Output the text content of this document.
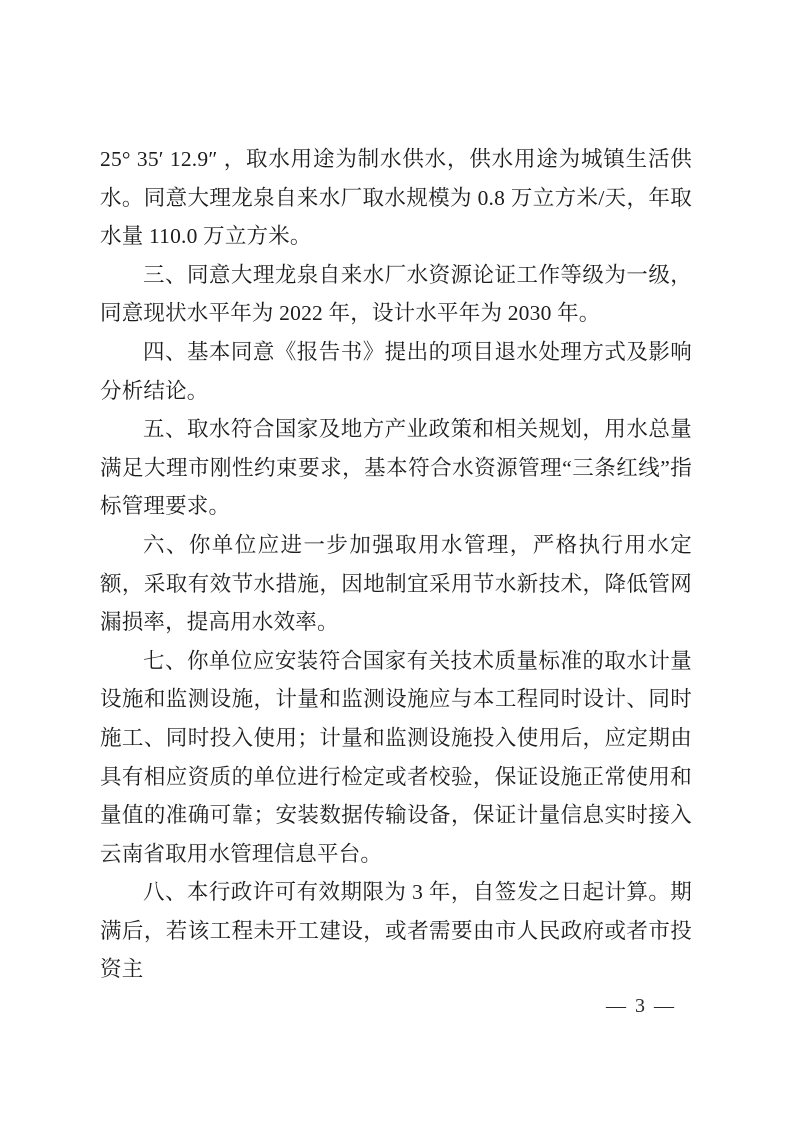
25° 35′ 12.9″ ，取水用途为制水供水，供水用途为城镇生活供水。同意大理龙泉自来水厂取水规模为 0.8 万立方米/天，年取水量 110.0 万立方米。

三、同意大理龙泉自来水厂水资源论证工作等级为一级，同意现状水平年为 2022 年，设计水平年为 2030 年。

四、基本同意《报告书》提出的项目退水处理方式及影响分析结论。

五、取水符合国家及地方产业政策和相关规划，用水总量满足大理市刚性约束要求，基本符合水资源管理“三条红线”指标管理要求。

六、你单位应进一步加强取用水管理，严格执行用水定额，采取有效节水措施，因地制宜采用节水新技术，降低管网漏损率，提高用水效率。

七、你单位应安装符合国家有关技术质量标准的取水计量设施和监测设施，计量和监测设施应与本工程同时设计、同时施工、同时投入使用；计量和监测设施投入使用后，应定期由具有相应资质的单位进行检定或者校验，保证设施正常使用和量值的准确可靠；安装数据传输设备，保证计量信息实时接入云南省取用水管理信息平台。

八、本行政许可有效期限为 3 年，自签发之日起计算。期满后，若该工程未开工建设，或者需要由市人民政府或者市投资主

— 3 —
